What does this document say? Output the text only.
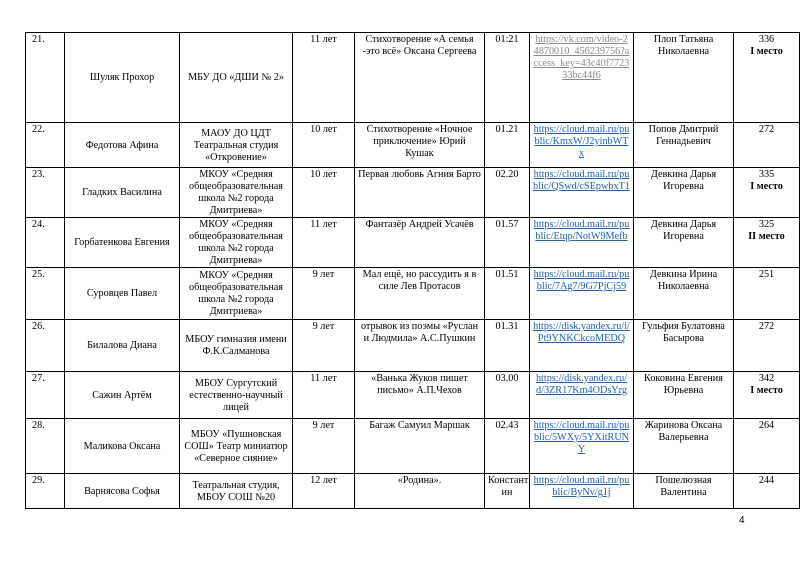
21.	Шуляк Прохор	МБУ ДО «ДШИ № 2»	11 лет	Стихотворение «А семья -это всё» Оксана Сергеева	01:21	https://vk.com/video-24870010_456239756?access_key=43c40f772333bc44f6	Плоп Татьяна Николаевна	336
I место

22.	Федотова Афина	МАОУ ДО ЦДТ Театральная студия «Откровение»	10 лет	Стихотворение «Ночное приключение» Юрий Кушак	01.21	https://cloud.mail.ru/public/KmxW/J2yinbWTx	Попов Дмитрий Геннадьевич	272
23.	Гладких Василина	МКОУ «Средняя общеобразовательная школа №2 города Дмитриева»	10 лет	Первая любовь Агния Барто	02.20	https://cloud.mail.ru/public/QSwd/cSEpwbxT1	Девкина Дарья Игоревна	335
I место

24.	Горбатенкова Евгения	МКОУ «Средняя общеобразовательная школа №2 города Дмитриева»	11 лет	Фантазёр Андрей Усачёв	01.57	https://cloud.mail.ru/public/Etqp/NotW9Mefb	Девкина Дарья Игоревна	325
II место

25.	Суровцев Павел	МКОУ «Средняя общеобразовательная школа №2 города Дмитриева»	9 лет	Мал ещё, но рассудить я в силе Лев Протасов	01.51	https://cloud.mail.ru/public/7Ag7/9G7PjCj59	Девкина Ирина Николаевна	251
26.	Билалова Диана	МБОУ гимназия имени Ф.К.Салманова	9 лет	отрывок из поэмы «Руслан и Людмила» А.С.Пушкин	01.31	https://disk.yandex.ru/i/Pt9YNKCkcoMEDQ	Гульфия Булатовна Басырова	272
27.	Сажин Артём	МБОУ Сургутский естественно-научный лицей	11 лет	«Ванька Жуков пишет письмо» А.П.Чехов	03.00	https://disk.yandex.ru/d/3ZR17Km4ODsYrg	Коковина Евгения Юрьевна	342
I место

28.	Маликова Оксана	МБОУ «Пушновская СОШ» Театр миниатюр «Северное сияние»	9 лет	Багаж Самуил Маршак	02.43	https://cloud.mail.ru/public/5WXy/5YXitRUNY	Жаринова Оксана Валерьевна	264
29.	Варнясова Софья	Театральная студия, МБОУ СОШ №20	12 лет	«Родина».	Констант ин	https://cloud.mail.ru/public/ByNv/g1j	Пошелюзная Валентина	244
4
